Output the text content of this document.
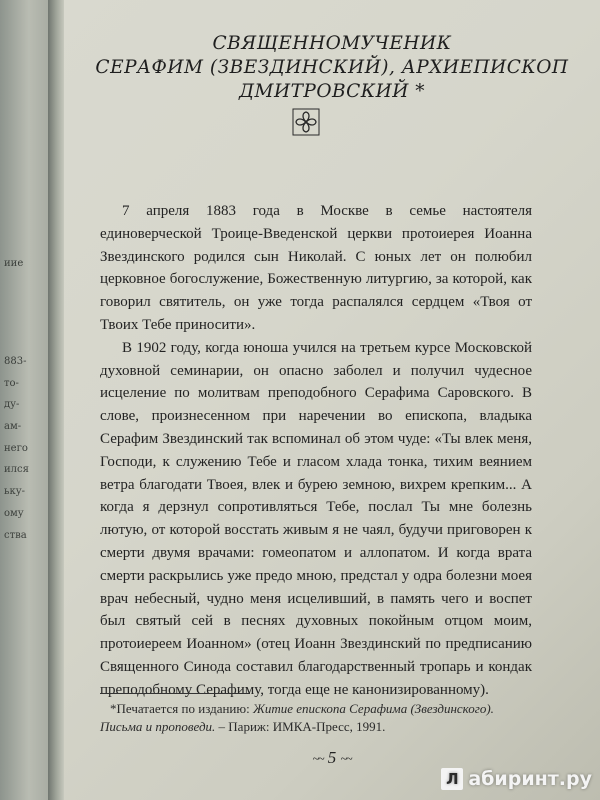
иие
883-
то-
ду-
ам-
него
ился
ьку-
ому
ства
СВЯЩЕННОМУЧЕНИК
СЕРАФИМ (ЗВЕЗДИНСКИЙ), АРХИЕПИСКОП
ДМИТРОВСКИЙ *

7 апреля 1883 года в Москве в семье настоятеля единоверческой Троице-Введенской церкви протоиерея Иоанна Звездинского родился сын Николай. С юных лет он полюбил церковное богослужение, Божественную литургию, за которой, как говорил святитель, он уже тогда распалялся сердцем «Твоя от Твоих Тебе приносити».

В 1902 году, когда юноша учился на третьем курсе Московской духовной семинарии, он опасно заболел и получил чудесное исцеление по молитвам преподобного Серафима Саровского. В слове, произнесенном при наречении во епископа, владыка Серафим Звездинский так вспоминал об этом чуде: «Ты влек меня, Господи, к служению Тебе и гласом хлада тонка, тихим веянием ветра благодати Твоея, влек и бурею земною, вихрем крепким... А когда я дерзнул сопротивляться Тебе, послал Ты мне болезнь лютую, от которой восстать живым я не чаял, будучи приговорен к смерти двумя врачами: гомеопатом и аллопатом. И когда врата смерти раскрылись уже предо мною, предстал у одра болезни моея врач небесный, чудно меня исцеливший, в память чего и воспет был святый сей в песнях духовных покойным отцом моим, протоиереем Иоанном» (отец Иоанн Звездинский по предписанию Священного Синода составил благодарственный тропарь и кондак преподобному Серафиму, тогда еще не канонизированному).

*Печатается по изданию: Житие епископа Серафима (Звездинского). Письма и проповеди. – Париж: ИМКА-Пресс, 1991.
~~ 5 ~~
Л абиринт.ру
